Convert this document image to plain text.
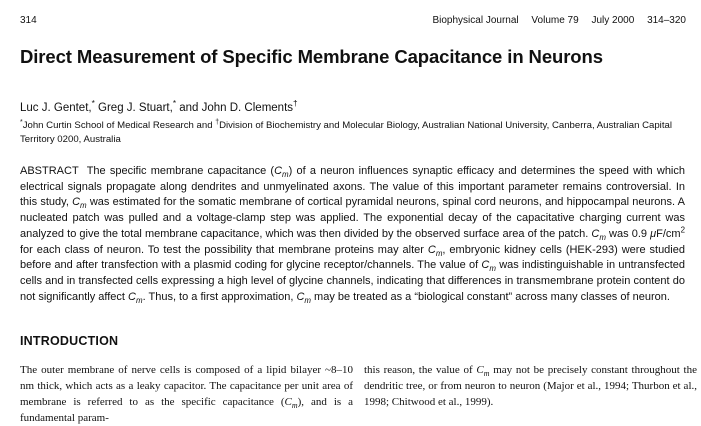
314	Biophysical Journal Volume 79 July 2000 314–320
Direct Measurement of Specific Membrane Capacitance in Neurons
Luc J. Gentet,* Greg J. Stuart,* and John D. Clements†
*John Curtin School of Medical Research and †Division of Biochemistry and Molecular Biology, Australian National University, Canberra, Australian Capital Territory 0200, Australia

ABSTRACT The specific membrane capacitance $(C_m)$ of a neuron influences synaptic efficacy and determines the speed with which electrical signals propagate along dendrites and unmyelinated axons. The value of this important parameter remains controversial. In this study, $C_m$ was estimated for the somatic membrane of cortical pyramidal neurons, spinal cord neurons, and hippocampal neurons. A nucleated patch was pulled and a voltage-clamp step was applied. The exponential decay of the capacitative charging current was analyzed to give the total membrane capacitance, which was then divided by the observed surface area of the patch. $C_m$ was 0.9 $\mu F/cm^2$ for each class of neuron. To test the possibility that membrane proteins may alter $C_m$, embryonic kidney cells (HEK-293) were studied before and after transfection with a plasmid coding for glycine receptor/channels. The value of $C_m$ was indistinguishable in untransfected cells and in transfected cells expressing a high level of glycine channels, indicating that differences in transmembrane protein content do not significantly affect $C_m$. Thus, to a first approximation, $C_m$ may be treated as a “biological constant” across many classes of neuron.

INTRODUCTION

The outer membrane of nerve cells is composed of a lipid bilayer ~8–10 nm thick, which acts as a leaky capacitor. The capacitance per unit area of membrane is referred to as the specific capacitance $(C_m)$, and is a fundamental param-

this reason, the value of $C_m$ may not be precisely constant throughout the dendritic tree, or from neuron to neuron (Major et al., 1994; Thurbon et al., 1998; Chitwood et al., 1999).
